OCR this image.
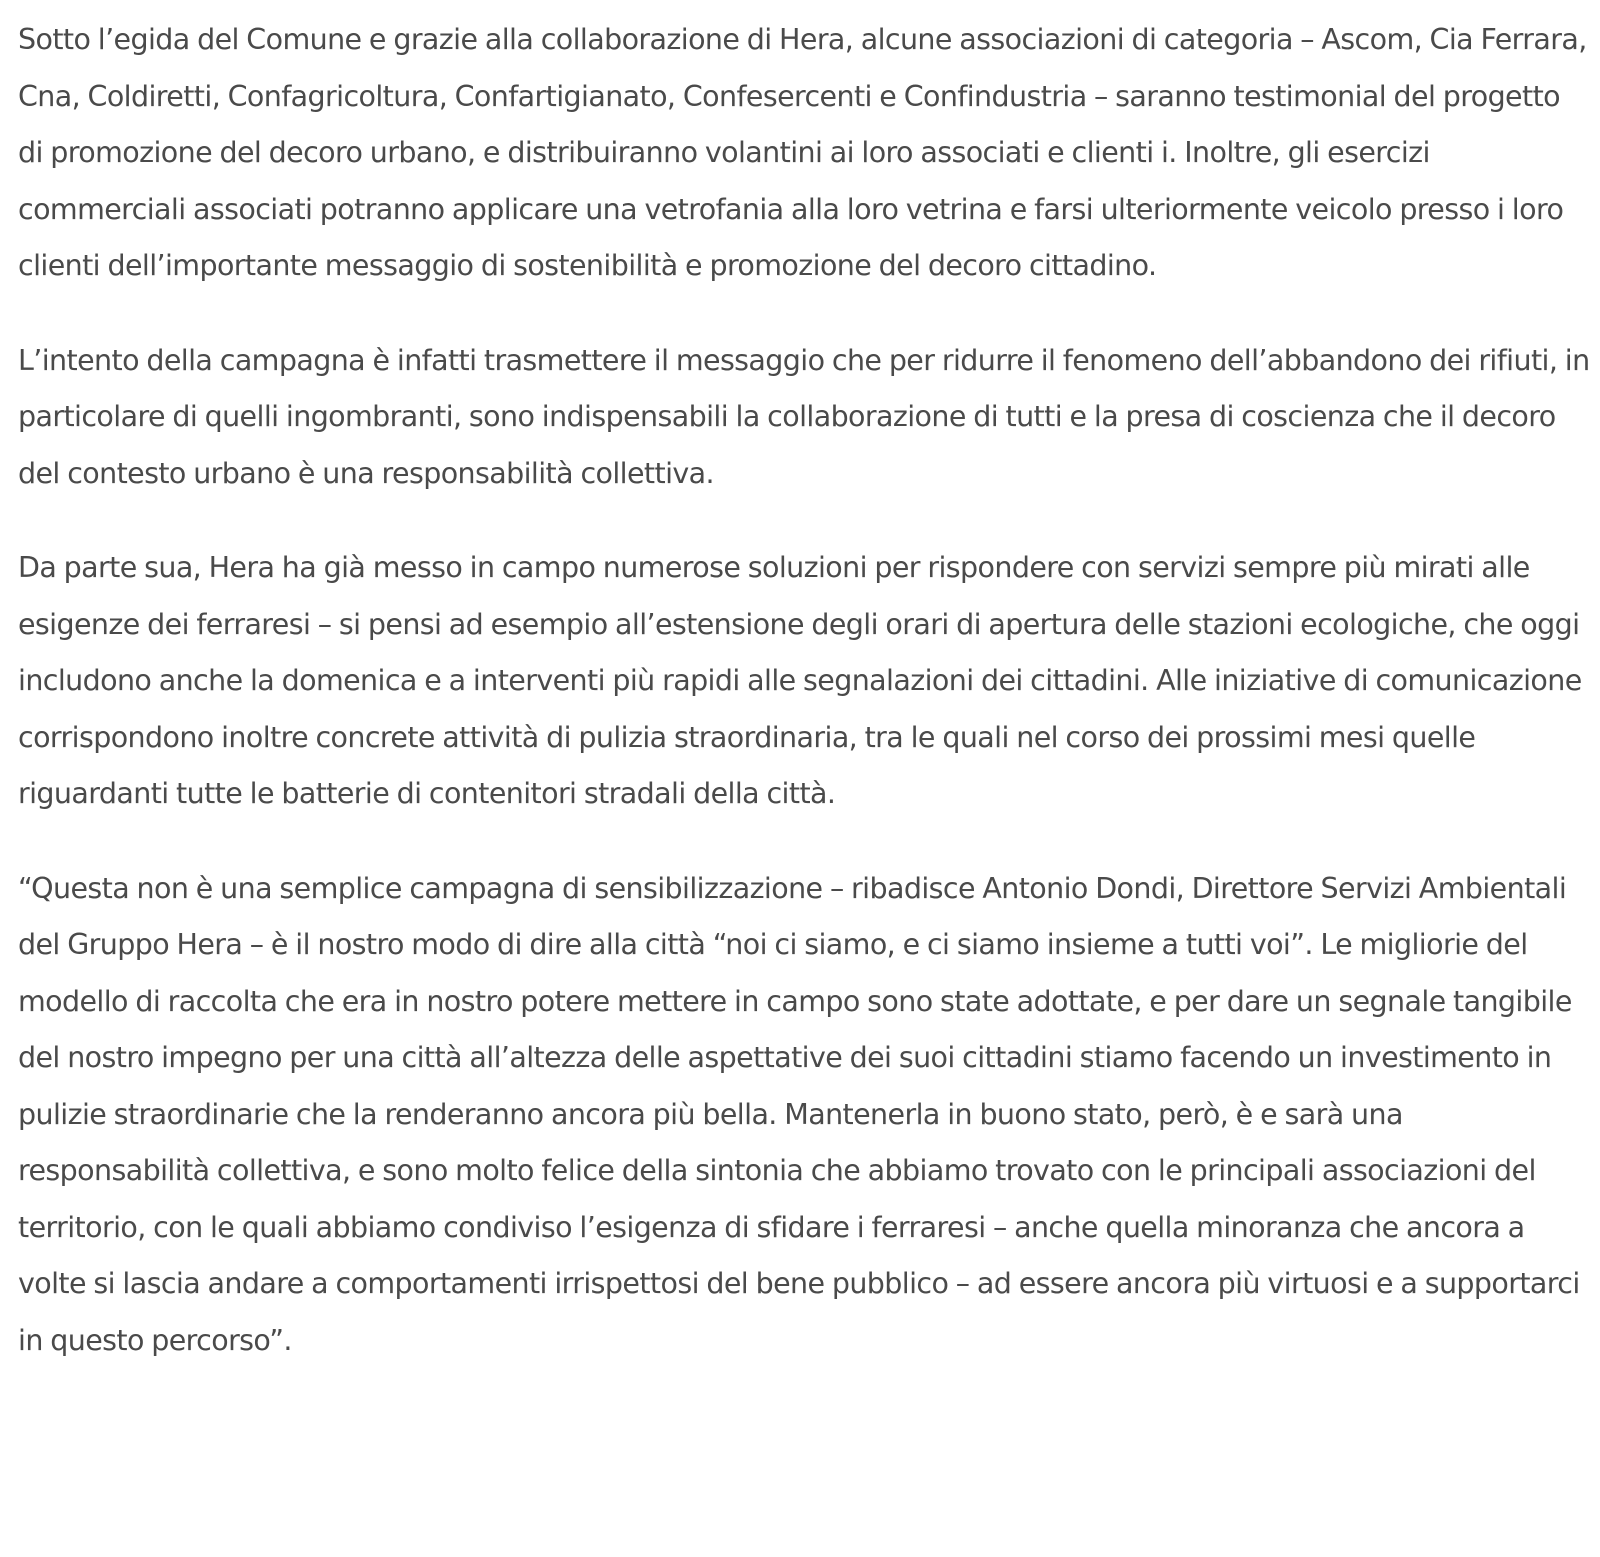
Sotto l’egida del Comune e grazie alla collaborazione di Hera, alcune associazioni di categoria – Ascom, Cia Ferrara, Cna, Coldiretti, Confagricoltura, Confartigianato, Confesercenti e Confindustria – saranno testimonial del progetto di promozione del decoro urbano, e distribuiranno volantini ai loro associati e clienti i. Inoltre, gli esercizi commerciali associati potranno applicare una vetrofania alla loro vetrina e farsi ulteriormente veicolo presso i loro clienti dell’importante messaggio di sostenibilità e promozione del decoro cittadino.

L’intento della campagna è infatti trasmettere il messaggio che per ridurre il fenomeno dell’abbandono dei rifiuti, in particolare di quelli ingombranti, sono indispensabili la collaborazione di tutti e la presa di coscienza che il decoro del contesto urbano è una responsabilità collettiva.

Da parte sua, Hera ha già messo in campo numerose soluzioni per rispondere con servizi sempre più mirati alle esigenze dei ferraresi – si pensi ad esempio all’estensione degli orari di apertura delle stazioni ecologiche, che oggi includono anche la domenica e a interventi più rapidi alle segnalazioni dei cittadini. Alle iniziative di comunicazione corrispondono inoltre concrete attività di pulizia straordinaria, tra le quali nel corso dei prossimi mesi quelle riguardanti tutte le batterie di contenitori stradali della città.

“Questa non è una semplice campagna di sensibilizzazione – ribadisce Antonio Dondi, Direttore Servizi Ambientali del Gruppo Hera – è il nostro modo di dire alla città “noi ci siamo, e ci siamo insieme a tutti voi”. Le migliorie del modello di raccolta che era in nostro potere mettere in campo sono state adottate, e per dare un segnale tangibile del nostro impegno per una città all’altezza delle aspettative dei suoi cittadini stiamo facendo un investimento in pulizie straordinarie che la renderanno ancora più bella. Mantenerla in buono stato, però, è e sarà una responsabilità collettiva, e sono molto felice della sintonia che abbiamo trovato con le principali associazioni del territorio, con le quali abbiamo condiviso l’esigenza di sfidare i ferraresi – anche quella minoranza che ancora a volte si lascia andare a comportamenti irrispettosi del bene pubblico – ad essere ancora più virtuosi e a supportarci in questo percorso”.
